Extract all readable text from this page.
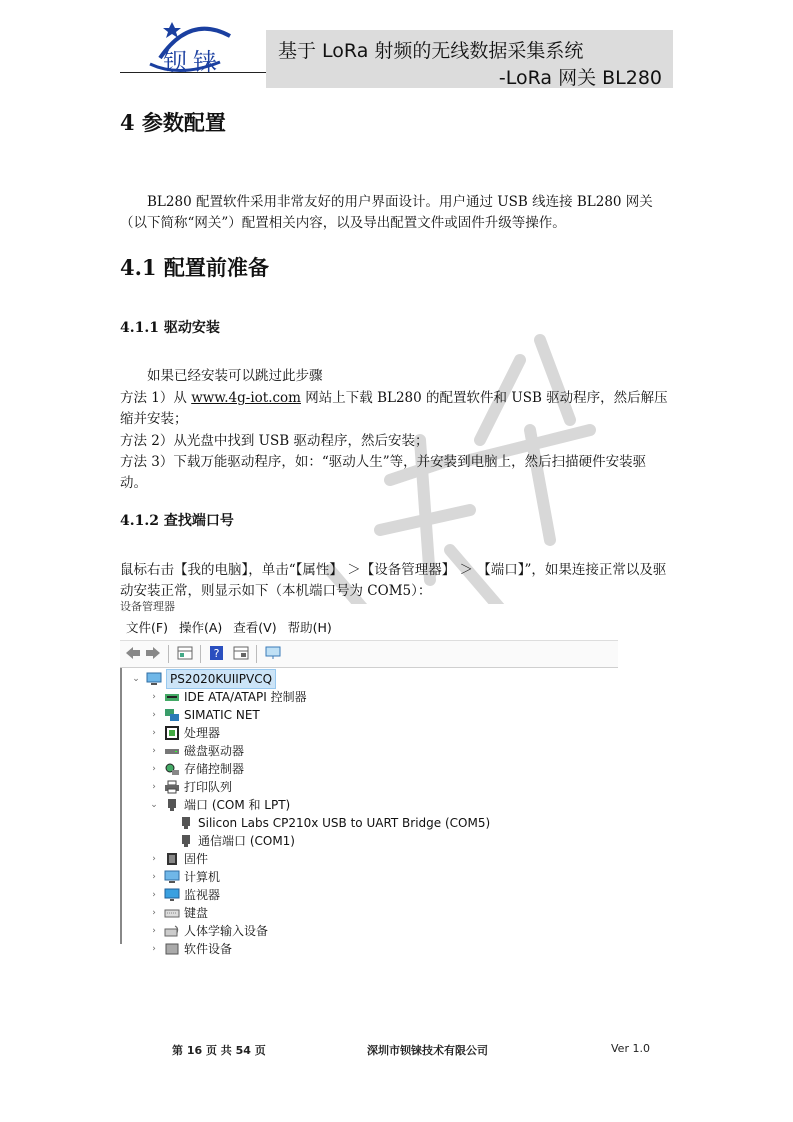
钡铼	基于 LoRa 射频的无线数据采集系统
-LoRa 网关 BL280
4 参数配置

BL280 配置软件采用非常友好的用户界面设计。用户通过 USB 线连接 BL280 网关（以下简称“网关”）配置相关内容，以及导出配置文件或固件升级等操作。

4.1 配置前准备
4.1.1 驱动安装

如果已经安装可以跳过此步骤

方法 1）从 www.4g-iot.com 网站上下载 BL280 的配置软件和 USB 驱动程序，然后解压缩并安装；

方法 2）从光盘中找到 USB 驱动程序，然后安装；

方法 3）下载万能驱动程序，如：“驱动人生”等，并安装到电脑上，然后扫描硬件安装驱动。

4.1.2 查找端口号

鼠标右击【我的电脑】，单击“【属性】 ＞【设备管理器】 ＞ 【端口】”，如果连接正常以及驱动安装正常，则显示如下（本机端口号为 COM5）：

设备管理器
文件(F) 操作(A) 查看(V) 帮助(H)
?
⌄	PS2020KUIIPVCQ
›	IDE ATA/ATAPI 控制器
›	SIMATIC NET
›	处理器
›	磁盘驱动器
›	存储控制器
›	打印队列
⌄ 端口 (COM 和 LPT)
Silicon Labs CP210x USB to UART Bridge (COM5)
通信端口 (COM1)
›	固件
›	计算机
›	监视器
›	键盘
›	人体学输入设备
›	软件设备
第 16 页 共 54 页	深圳市钡铼技术有限公司	Ver 1.0
